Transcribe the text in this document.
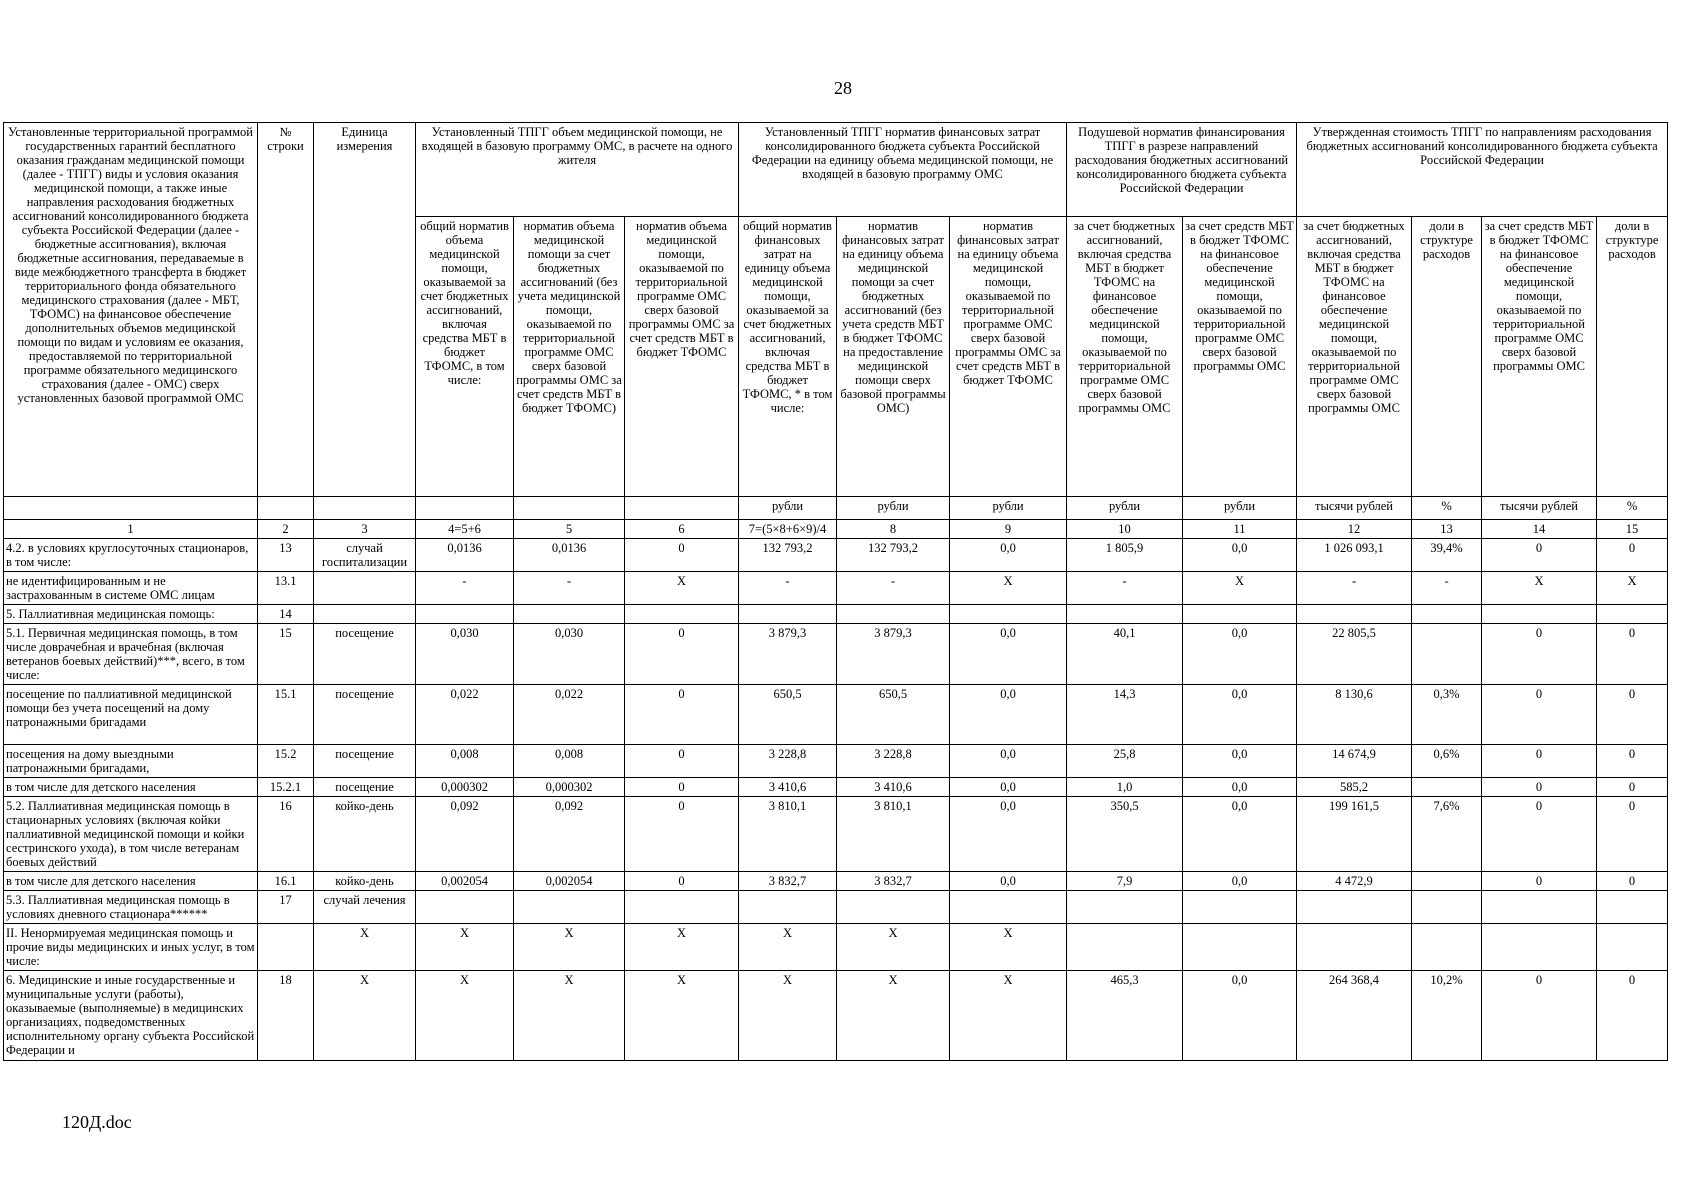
28
Установленные территориальной программой государственных гарантий бесплатного оказания гражданам медицинской помощи (далее - ТПГГ) виды и условия оказания медицинской помощи, а также иные направления расходования бюджетных ассигнований консолидированного бюджета субъекта Российской Федерации (далее - бюджетные ассигнования), включая бюджетные ассигнования, передаваемые в виде межбюджетного трансферта в бюджет территориального фонда обязательного медицинского страхования (далее - МБТ, ТФОМС) на финансовое обеспечение дополнительных объемов медицинской помощи по видам и условиям ее оказания, предоставляемой по территориальной программе обязательного медицинского страхования (далее - ОМС) сверх установленных базовой программой ОМС	№ строки	Единица измерения	Установленный ТПГГ объем медицинской помощи, не входящей в базовую программу ОМС, в расчете на одного жителя			Установленный ТПГГ норматив финансовых затрат консолидированного бюджета субъекта Российской Федерации на единицу объема медицинской помощи, не входящей в базовую программу ОМС			Подушевой норматив финансирования ТПГГ в разрезе направлений расходования бюджетных ассигнований консолидированного бюджета субъекта Российской Федерации		Утвержденная стоимость ТПГГ по направлениям расходования бюджетных ассигнований консолидированного бюджета субъекта Российской Федерации			
			общий норматив объема медицинской помощи, оказываемой за счет бюджетных ассигнований, включая средства МБТ в бюджет ТФОМС, в том числе:	норматив объема медицинской помощи за счет бюджетных ассигнований (без учета медицинской помощи, оказываемой по территориальной программе ОМС сверх базовой программы ОМС за счет средств МБТ в бюджет ТФОМС)	норматив объема медицинской помощи, оказываемой по территориальной программе ОМС сверх базовой программы ОМС за счет средств МБТ в бюджет ТФОМС	общий норматив финансовых затрат на единицу объема медицинской помощи, оказываемой за счет бюджетных ассигнований, включая средства МБТ в бюджет ТФОМС, * в том числе:	норматив финансовых затрат на единицу объема медицинской помощи за счет бюджетных ассигнований (без учета средств МБТ в бюджет ТФОМС на предоставление медицинской помощи сверх базовой программы ОМС)	норматив финансовых затрат на единицу объема медицинской помощи, оказываемой по территориальной программе ОМС сверх базовой программы ОМС за счет средств МБТ в бюджет ТФОМС	за счет бюджетных ассигнований, включая средства МБТ в бюджет ТФОМС на финансовое обеспечение медицинской помощи, оказываемой по территориальной программе ОМС сверх базовой программы ОМС	за счет средств МБТ в бюджет ТФОМС на финансовое обеспечение медицинской помощи, оказываемой по территориальной программе ОМС сверх базовой программы ОМС	за счет бюджетных ассигнований, включая средства МБТ в бюджет ТФОМС на финансовое обеспечение медицинской помощи, оказываемой по территориальной программе ОМС сверх базовой программы ОМС	доли в структуре расходов	за счет средств МБТ в бюджет ТФОМС на финансовое обеспечение медицинской помощи, оказываемой по территориальной программе ОМС сверх базовой программы ОМС	доли в структуре расходов
						рубли	рубли	рубли	рубли	рубли	тысячи рублей	%	тысячи рублей	%
1	2	3	4=5+6	5	6	7=(5×8+6×9)/4	8	9	10	11	12	13	14	15
4.2. в условиях круглосуточных стационаров, в том числе:	13	случай госпитализации	0,0136	0,0136	0	132 793,2	132 793,2	0,0	1 805,9	0,0	1 026 093,1	39,4%	0	0
не идентифицированным и не застрахованным в системе ОМС лицам	13.1		-	-	X	-	-	X	-	X	-	-	X	X
5. Паллиативная медицинская помощь:	14													
5.1. Первичная медицинская помощь, в том числе доврачебная и врачебная (включая ветеранов боевых действий)***, всего, в том числе:	15	посещение	0,030	0,030	0	3 879,3	3 879,3	0,0	40,1	0,0	22 805,5		0	0
посещение по паллиативной медицинской помощи без учета посещений на дому патронажными бригадами	15.1	посещение	0,022	0,022	0	650,5	650,5	0,0	14,3	0,0	8 130,6	0,3%	0	0
посещения на дому выездными патронажными бригадами,	15.2	посещение	0,008	0,008	0	3 228,8	3 228,8	0,0	25,8	0,0	14 674,9	0,6%	0	0
в том числе для детского населения	15.2.1	посещение	0,000302	0,000302	0	3 410,6	3 410,6	0,0	1,0	0,0	585,2		0	0
5.2. Паллиативная медицинская помощь в стационарных условиях (включая койки паллиативной медицинской помощи и койки сестринского ухода), в том числе ветеранам боевых действий	16	койко-день	0,092	0,092	0	3 810,1	3 810,1	0,0	350,5	0,0	199 161,5	7,6%	0	0
в том числе для детского населения	16.1	койко-день	0,002054	0,002054	0	3 832,7	3 832,7	0,0	7,9	0,0	4 472,9		0	0
5.3. Паллиативная медицинская помощь в условиях дневного стационара******	17	случай лечения												
II. Ненормируемая медицинская помощь и прочие виды медицинских и иных услуг, в том числе:		X	X	X	X	X	X	X						
6. Медицинские и иные государственные и муниципальные услуги (работы), оказываемые (выполняемые) в медицинских организациях, подведомственных исполнительному органу субъекта Российской Федерации и	18	X	X	X	X	X	X	X	465,3	0,0	264 368,4	10,2%	0	0
120Д.doc
